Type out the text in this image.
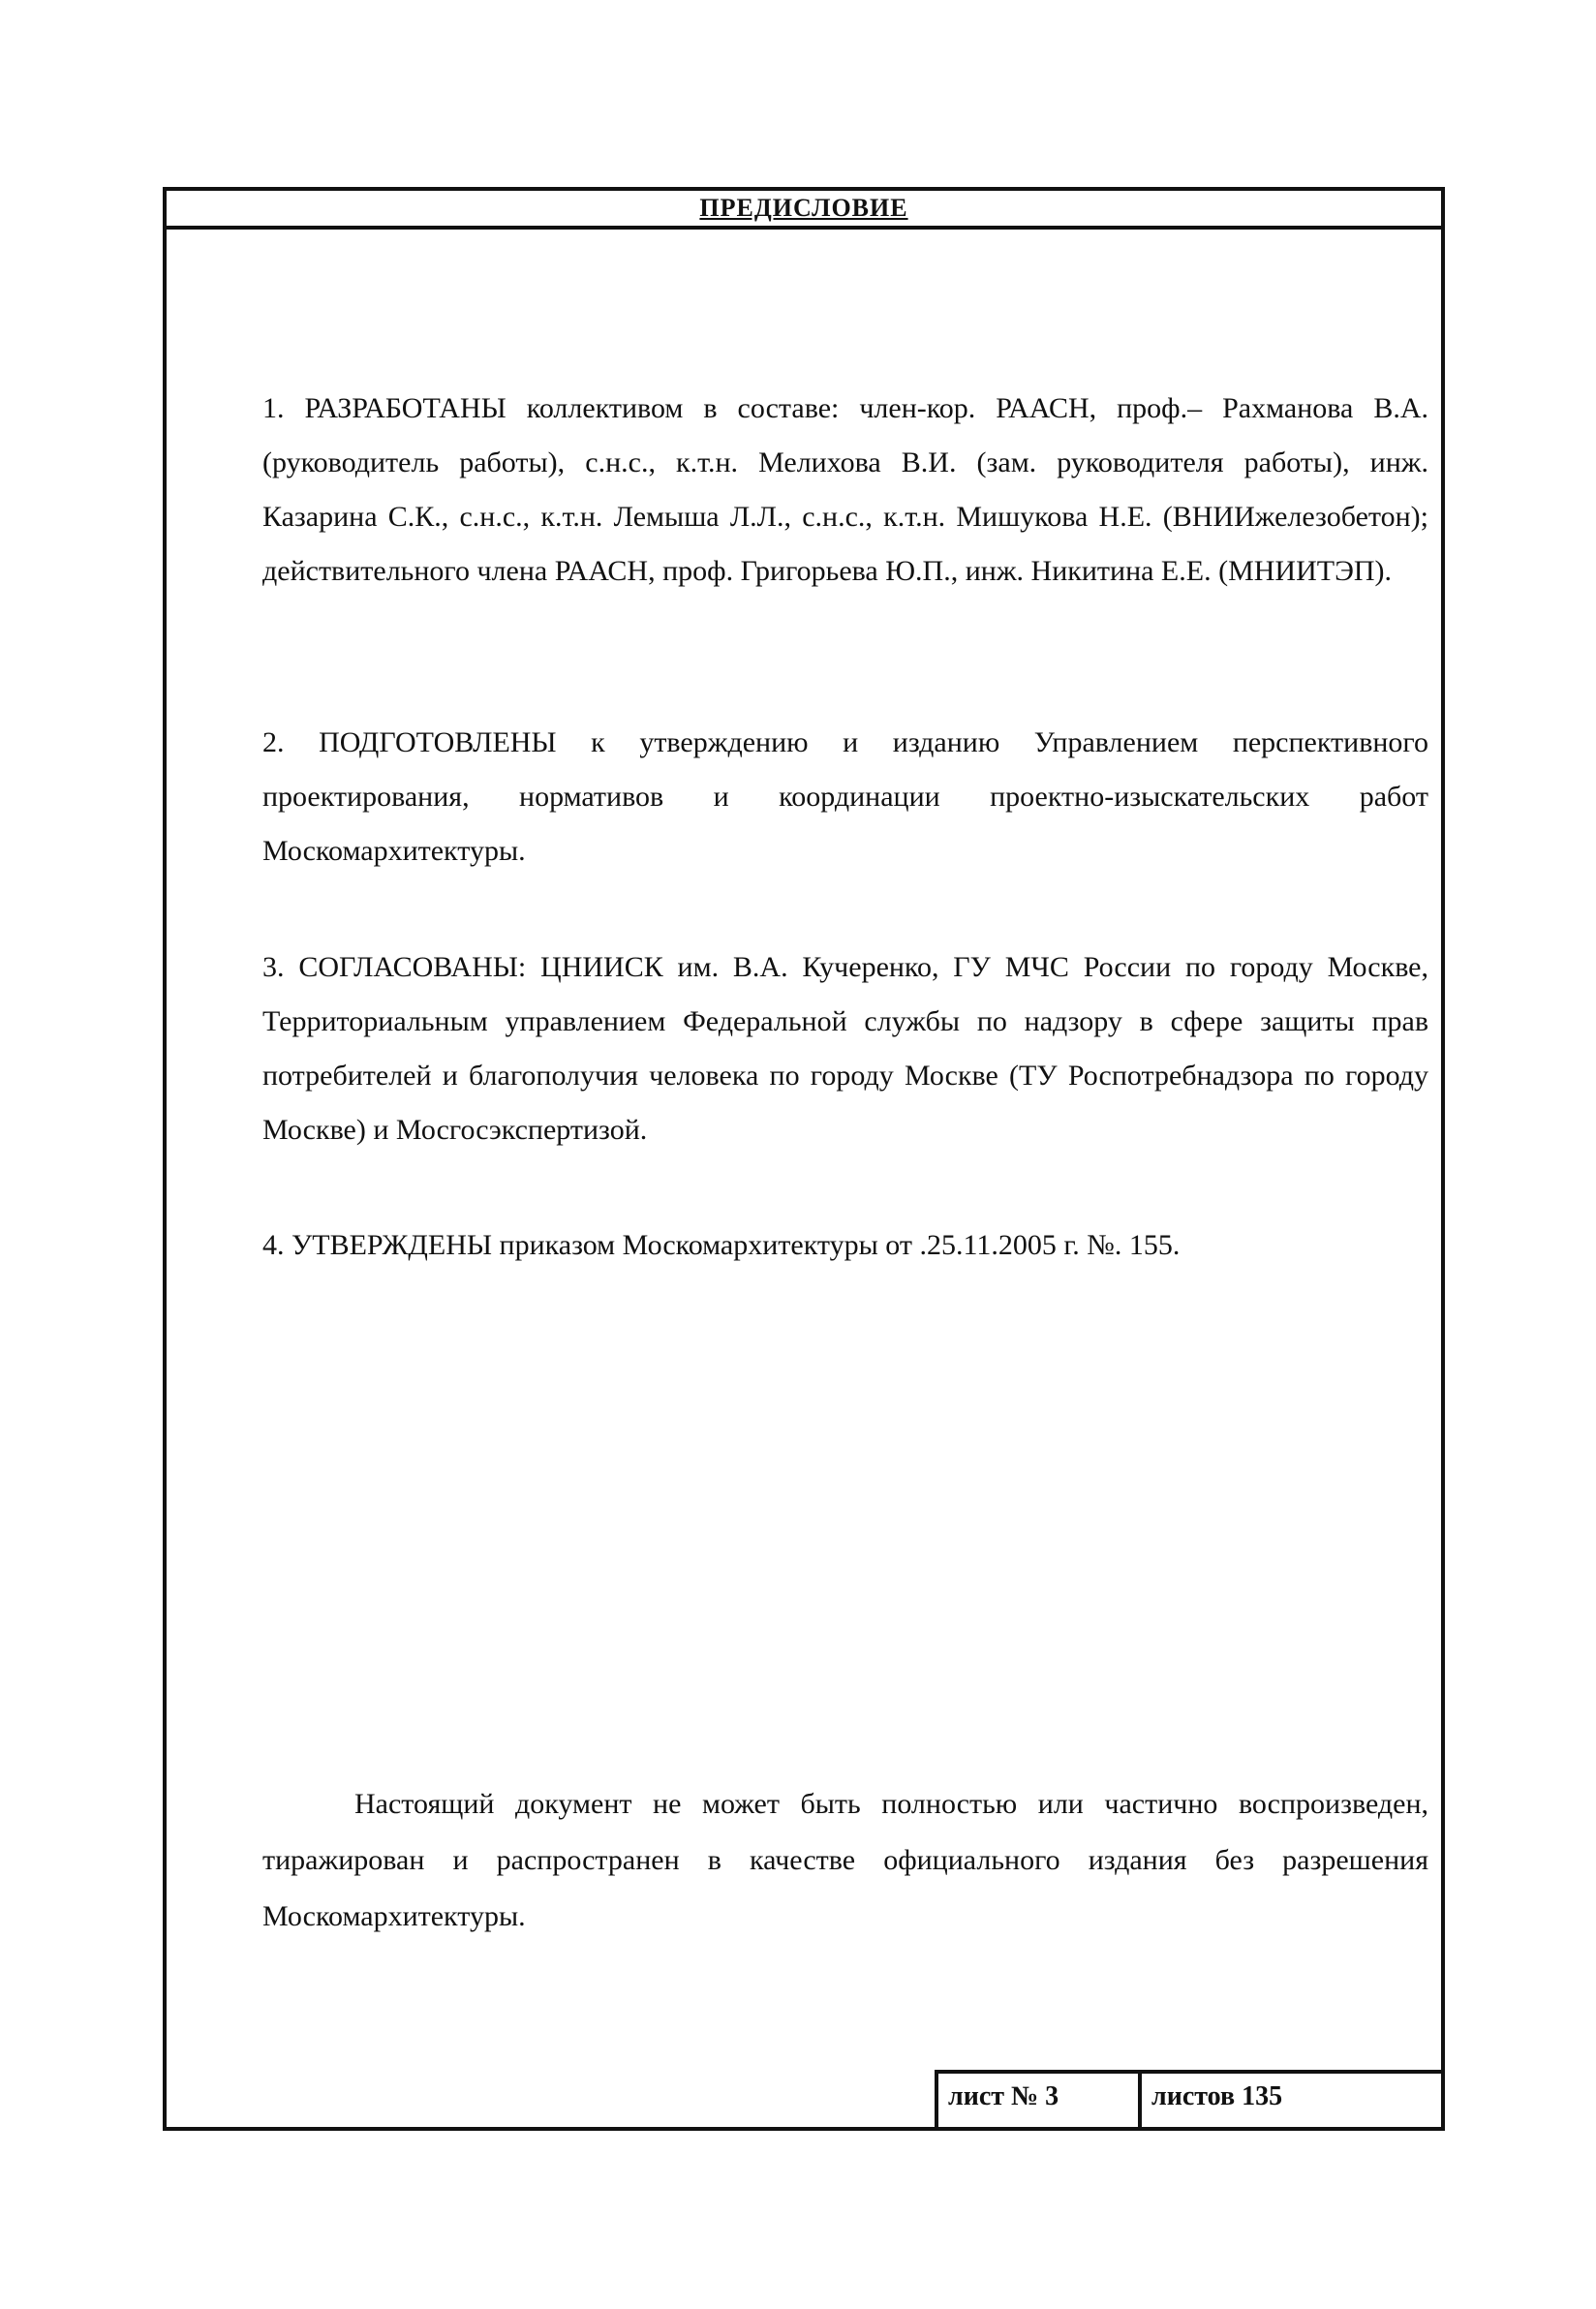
ПРЕДИСЛОВИЕ
1. РАЗРАБОТАНЫ коллективом в составе: член-кор. РААСН, проф.– Рахманова В.А. (руководитель работы), с.н.с., к.т.н. Мелихова В.И. (зам. руководителя работы), инж. Казарина С.К., с.н.с., к.т.н. Лемыша Л.Л., с.н.с., к.т.н. Мишукова Н.Е. (ВНИИжелезобетон); действительного члена РААСН, проф. Григорьева Ю.П., инж. Никитина Е.Е. (МНИИТЭП).
2. ПОДГОТОВЛЕНЫ к утверждению и изданию Управлением перспективного проектирования, нормативов и координации проектно-изыскательских работ Москомархитектуры.
3. СОГЛАСОВАНЫ: ЦНИИСК им. В.А. Кучеренко, ГУ МЧС России по городу Москве, Территориальным управлением Федеральной службы по надзору в сфере защиты прав потребителей и благополучия человека по городу Москве (ТУ Роспотребнадзора по городу Москве) и Мосгосэкспертизой.
4. УТВЕРЖДЕНЫ приказом Москомархитектуры от .25.11.2005 г. №. 155.
Настоящий документ не может быть полностью или частично воспроизведен, тиражирован и распространен в качестве официального издания без разрешения Москомархитектуры.
лист № 3	листов 135
